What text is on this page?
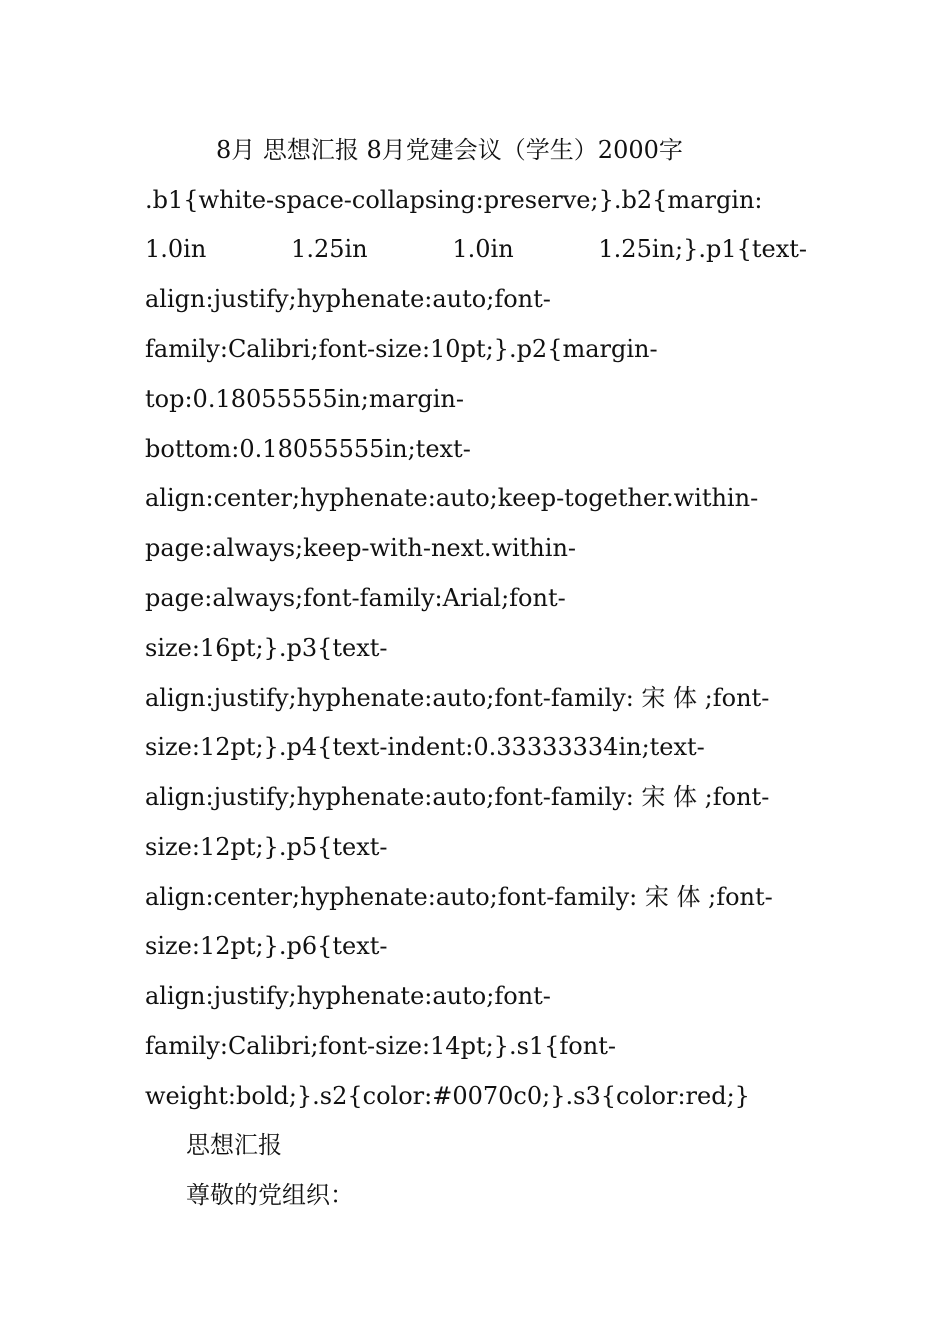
8月 思想汇报 8月党建会议（学生）2000字
.b1{white-space-collapsing:preserve;}.b2{margin:
1.0in	1.25in	1.0in	1.25in;}.p1{text-
align:justify;hyphenate:auto;font-
family:Calibri;font-size:10pt;}.p2{margin-
top:0.18055555in;margin-
bottom:0.18055555in;text-
align:center;hyphenate:auto;keep-together.within-
page:always;keep-with-next.within-
page:always;font-family:Arial;font-
size:16pt;}.p3{text-
align:justify;hyphenate:auto;font-family: 宋 体 ;font-
size:12pt;}.p4{text-indent:0.33333334in;text-
align:justify;hyphenate:auto;font-family: 宋 体 ;font-
size:12pt;}.p5{text-
align:center;hyphenate:auto;font-family: 宋 体 ;font-
size:12pt;}.p6{text-
align:justify;hyphenate:auto;font-
family:Calibri;font-size:14pt;}.s1{font-
weight:bold;}.s2{color:#0070c0;}.s3{color:red;}
思想汇报
尊敬的党组织：
